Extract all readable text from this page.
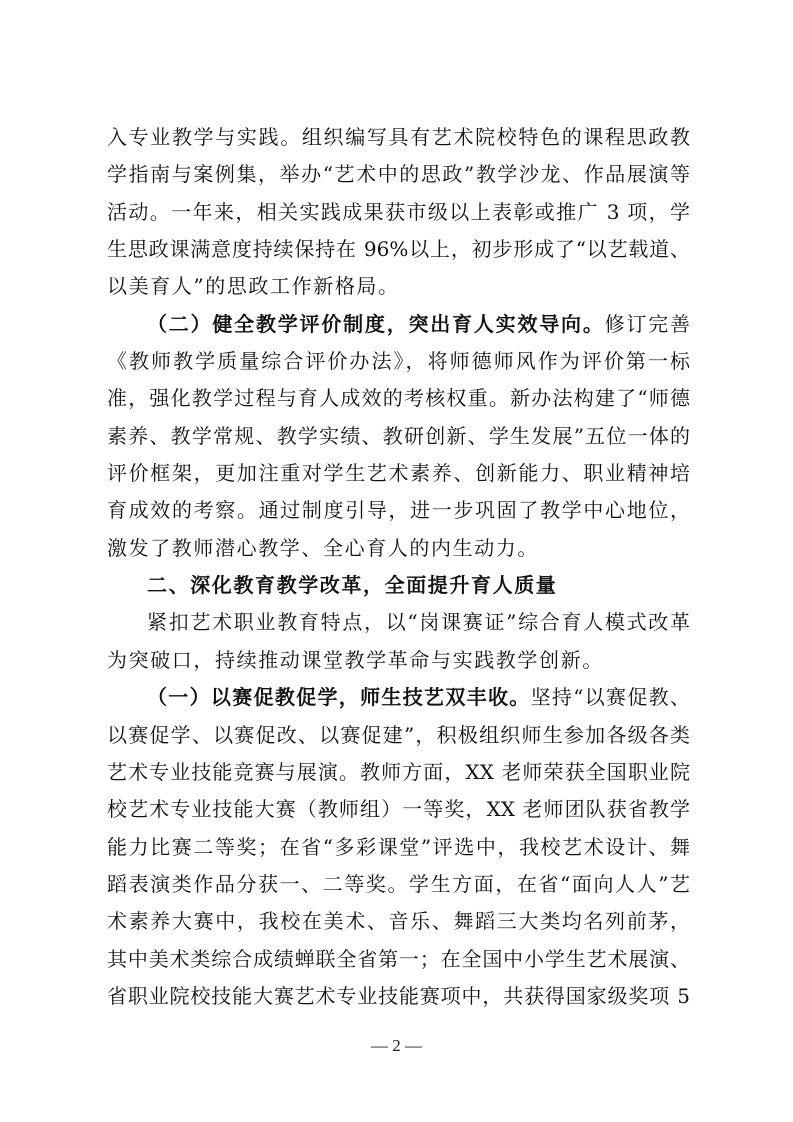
入专业教学与实践。组织编写具有艺术院校特色的课程思政教
学指南与案例集，举办“艺术中的思政”教学沙龙、作品展演等
活动。一年来，相关实践成果获市级以上表彰或推广 3 项，学
生思政课满意度持续保持在 96%以上，初步形成了“以艺载道、
以美育人”的思政工作新格局。
（二）健全教学评价制度，突出育人实效导向。修订完善
《教师教学质量综合评价办法》，将师德师风作为评价第一标
准，强化教学过程与育人成效的考核权重。新办法构建了“师德
素养、教学常规、教学实绩、教研创新、学生发展”五位一体的
评价框架，更加注重对学生艺术素养、创新能力、职业精神培
育成效的考察。通过制度引导，进一步巩固了教学中心地位，
激发了教师潜心教学、全心育人的内生动力。
二、深化教育教学改革，全面提升育人质量
紧扣艺术职业教育特点，以“岗课赛证”综合育人模式改革
为突破口，持续推动课堂教学革命与实践教学创新。
（一）以赛促教促学，师生技艺双丰收。坚持“以赛促教、
以赛促学、以赛促改、以赛促建”，积极组织师生参加各级各类
艺术专业技能竞赛与展演。教师方面，XX 老师荣获全国职业院
校艺术专业技能大赛（教师组）一等奖，XX 老师团队获省教学
能力比赛二等奖；在省“多彩课堂”评选中，我校艺术设计、舞
蹈表演类作品分获一、二等奖。学生方面，在省“面向人人”艺
术素养大赛中，我校在美术、音乐、舞蹈三大类均名列前茅，
其中美术类综合成绩蝉联全省第一；在全国中小学生艺术展演、
省职业院校技能大赛艺术专业技能赛项中，共获得国家级奖项 5
— 2 —
